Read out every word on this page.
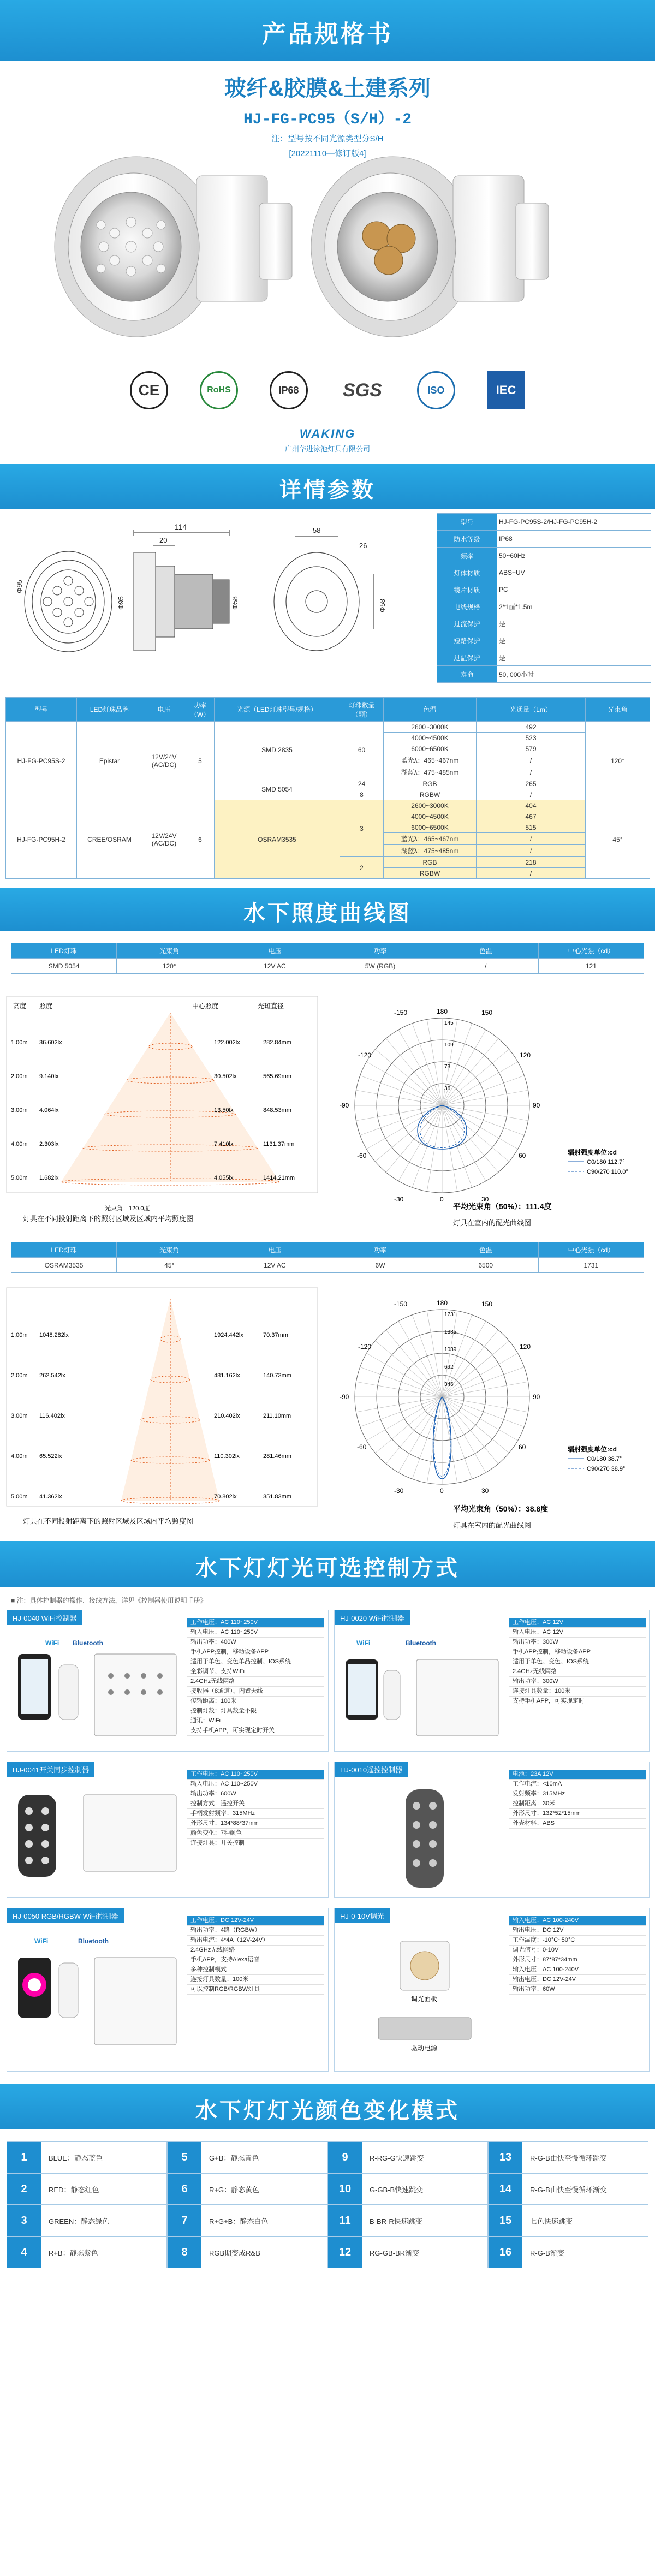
产品规格书
玻纤&胶膜&土建系列
HJ-FG-PC95（S/H）-2
注：型号按不同光源类型分S/H
[20221110—修订版4]
CE	RoHS	IP68	SGS	ISO	IEC
WAKING
广州华进泳池灯具有限公司
详情参数
Φ95
114
20
Φ95	Φ58
58
26
Φ58
型号	HJ-FG-PC95S-2/HJ-FG-PC95H-2
防水等级	IP68
频率	50~60Hz
灯体材质	ABS+UV
镜片材质	PC
电线规格	2*1㎟*1.5m
过流保护	是
短路保护	是
过温保护	是
寿命	50, 000小时
型号	LED灯珠品牌	电压	功率（W）	光源（LED灯珠型号/规格）	灯珠数量（颗）	色温	光通量（Lm）	光束角
HJ-FG-PC95S-2	Epistar	12V/24V (AC/DC)	5	SMD 2835	60	2600~3000K	492	120°
						4000~4500K	523	
						6000~6500K	579	
						蓝光λ：465~467nm	/	
						湖蓝λ：475~485nm	/	
				SMD 5054	24	RGB	265	
					8	RGBW	/	
HJ-FG-PC95H-2	CREE/OSRAM	12V/24V (AC/DC)	6	OSRAM3535	3	2600~3000K	404	45°
						4000~4500K	467	
						6000~6500K	515	
						蓝光λ：465~467nm	/	
						湖蓝λ：475~485nm	/	
					2	RGB	218	
						RGBW	/	
水下照度曲线图
LED灯珠	光束角	电压	功率	色温	中心光强（cd）
SMD 5054	120°	12V AC	5W (RGB)	/	121
高度 照度	中心照度	光斑直径
1.00m 36.602lx	122.002lx	282.84mm
2.00m 9.140lx	30.502lx	565.69mm
3.00m 4.064lx	13.50lx	848.53mm
4.00m 2.303lx	7.410lx	1131.37mm
5.00m 1.682lx	4.055lx	1414.21mm
光束角：120.0度
灯具在不同投射距离下的照射区域及区域内平均照度图
-90	90
-120	120
-150	150
180
-60	60
-30	30
0
36
73
109
145
平均光束角（50%）：111.4度
灯具在室内的配光曲线图
辐射强度单位:cd
C0/180 112.7°
C90/270 110.0°
LED灯珠	光束角	电压	功率	色温	中心光强（cd）
OSRAM3535	45°	12V AC	6W	6500	1731
1.00m 1048.282lx	1924.442lx	70.37mm
2.00m 262.542lx	481.162lx	140.73mm
3.00m 116.402lx	210.402lx	211.10mm
4.00m 65.522lx	110.302lx	281.46mm
5.00m 41.362lx	70.802lx	351.83mm
灯具在不同投射距离下的照射区域及区域内平均照度图
-90	90
-120	120
-150	150
180
-60	60
-30	30
0
346
692
1039
1385
1731
平均光束角（50%）：38.8度
灯具在室内的配光曲线图
辐射强度单位:cd
C0/180 38.7°
C90/270 38.9°
水下灯灯光可选控制方式
■ 注：具体控制器的操作、接线方法，详见《控制器使用说明手册》
HJ-0040 WiFi控制器
WiFi Bluetooth
工作电压：AC 110~250V
输入电压：AC 110~250V
输出功率：400W
手机APP控制，移动设备APP
适用于单色、变色单品控制、IOS系统
全彩调节、支持WiFi
2.4GHz无线网络
接收器（8通道）、内置天线
传输距离：100米
控制灯数：灯具数量不限
通讯：WiFi
支持手机APP，可实现定时开关
HJ-0020 WiFi控制器
WiFi	Bluetooth
工作电压：AC 12V
输入电压：AC 12V
输出功率：300W
手机APP控制，移动设备APP
适用于单色、变色、IOS系统
2.4GHz无线网络
输出功率：300W
连接灯具数量：100米
支持手机APP，可实现定时
HJ-0041开关同步控制器	工作电压：AC 110~250V
输入电压：AC 110~250V
输出功率：600W
控制方式：遥控开关
手柄发射频率：315MHz
外形尺寸：134*88*37mm
颜色变化：7种颜色
连接灯具：开关控制
HJ-0010遥控控制器	电池：23A 12V
工作电流：<10mA
发射频率：315MHz
控制距离：30米
外形尺寸：132*52*15mm
外壳材料：ABS
HJ-0050 RGB/RGBW WiFi控制器
WiFi	Bluetooth
工作电压：DC 12V-24V
输出功率：4路（RGBW）
输出电流：4*4A（12V-24V）
2.4GHz无线网络
手机APP，支持Alexa语音
多种控制模式
连接灯具数量：100米
可以控制RGB/RGBW灯具
HJ-0-10V调光
调光面板
驱动电源
输入电压：AC 100-240V
输出电压：DC 12V
工作温度：-10°C~50°C
调光信号：0-10V
外形尺寸：87*87*34mm
输入电压：AC 100-240V
输出电压：DC 12V-24V
输出功率：60W
水下灯灯光颜色变化模式
1	BLUE：静态蓝色	5	G+B：静态青色	9	R-RG-G快速跳变	13	R-G-B由快至慢循环跳变
2	RED：静态红色	6	R+G：静态黄色	10	G-GB-B快速跳变	14	R-G-B由快至慢循环渐变
3	GREEN：静态绿色	7	R+G+B：静态白色	11	B-BR-R快速跳变	15	七色快速跳变
4	R+B：静态紫色	8	RGB期变成R&B	12	RG-GB-BR渐变	16	R-G-B渐变
